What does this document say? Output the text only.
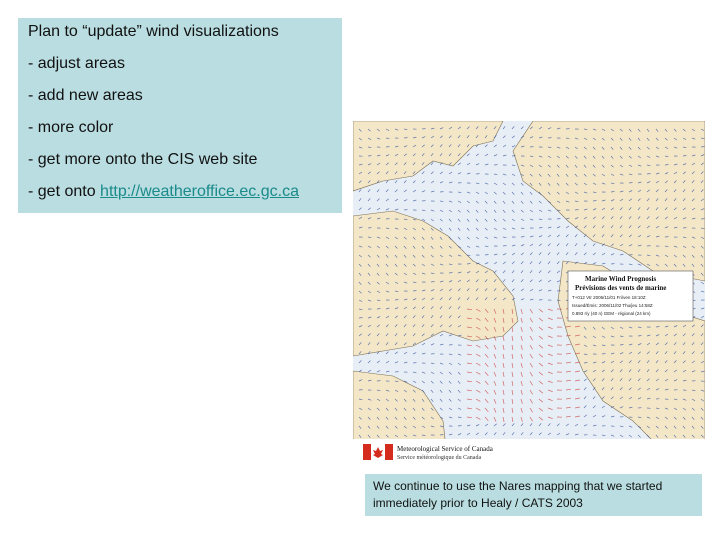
Plan to “update” wind visualizations
- adjust areas
- add new areas
- more color
- get more onto the CIS web site
- get onto http://weatheroffice.ec.gc.ca
Marine Wind Prognosis
Prévisions des vents de marine
T+012 Vtr 2006/11/01 Fri/ven 18:10Z
Issued/Émis: 2006/11/02 Thu/jeu 14:58Z
0.893 r/y (40 n) GEM - régional (24 km)
Meteorological Service of Canada
Service météorologique du Canada
We continue to use the Nares mapping that we started immediately prior to Healy / CATS 2003
